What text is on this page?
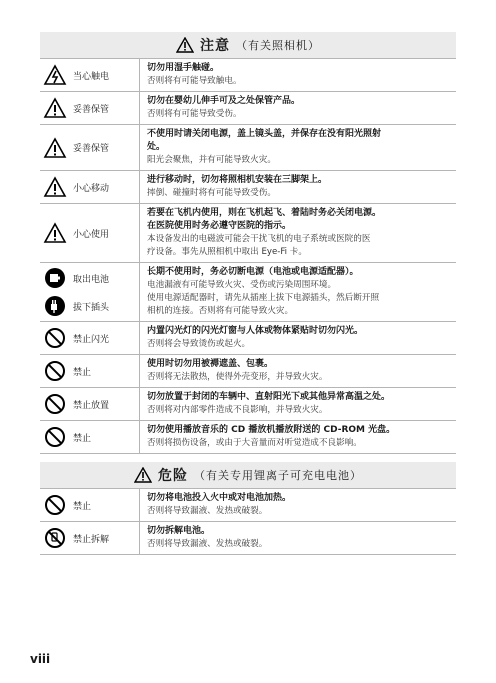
注意 （有关照相机）
当心触电
切勿用湿手触碰。
否则将有可能导致触电。
妥善保管
切勿在婴幼儿伸手可及之处保管产品。
否则将有可能导致受伤。
妥善保管
不使用时请关闭电源，盖上镜头盖，并保存在没有阳光照射
处。
阳光会聚焦，并有可能导致火灾。
小心移动
进行移动时，切勿将照相机安装在三脚架上。
摔倒、碰撞时将有可能导致受伤。
小心使用
若要在飞机内使用，则在飞机起飞、着陆时务必关闭电源。
在医院使用时务必遵守医院的指示。
本设备发出的电磁波可能会干扰飞机的电子系统或医院的医
疗设备。事先从照相机中取出 Eye-Fi 卡。
取出电池
拔下插头
长期不使用时，务必切断电源（电池或电源适配器）。
电池漏液有可能导致火灾、受伤或污染周围环境。
使用电源适配器时，请先从插座上拔下电源插头，然后断开照
相机的连接。否则将有可能导致火灾。
禁止闪光
内置闪光灯的闪光灯窗与人体或物体紧贴时切勿闪光。
否则将会导致烫伤或起火。
禁止
使用时切勿用被褥遮盖、包裹。
否则将无法散热，使得外壳变形，并导致火灾。
禁止放置
切勿放置于封闭的车辆中、直射阳光下或其他异常高温之处。
否则将对内部零件造成不良影响，并导致火灾。
禁止
切勿使用播放音乐的 CD 播放机播放附送的 CD-ROM 光盘。
否则将损伤设备，或由于大音量而对听觉造成不良影响。
危险 （有关专用锂离子可充电电池）
禁止
切勿将电池投入火中或对电池加热。
否则将导致漏液、发热或破裂。
禁止拆解
切勿拆解电池。
否则将导致漏液、发热或破裂。
viii
